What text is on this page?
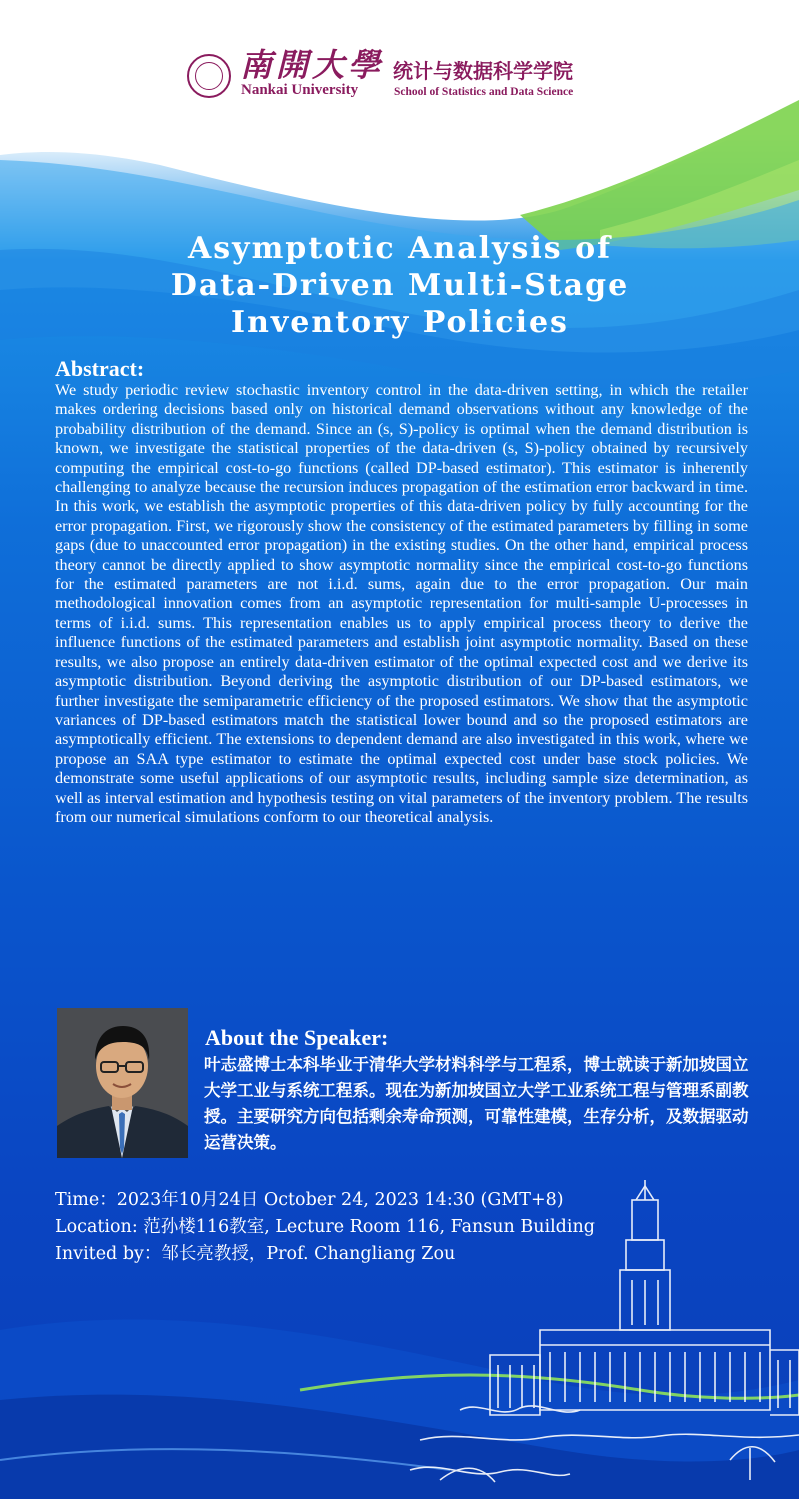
南開大學
Nankai University
统计与数据科学学院
School of Statistics and Data Science
学术讲座
Asymptotic Analysis of
Data-Driven Multi-Stage
Inventory Policies
Abstract:
We study periodic review stochastic inventory control in the data-driven setting, in which the retailer makes ordering decisions based only on historical demand observations without any knowledge of the probability distribution of the demand. Since an (s, S)-policy is optimal when the demand distribution is known, we investigate the statistical properties of the data-driven (s, S)-policy obtained by recursively computing the empirical cost-to-go functions (called DP-based estimator). This estimator is inherently challenging to analyze because the recursion induces propagation of the estimation error backward in time. In this work, we establish the asymptotic properties of this data-driven policy by fully accounting for the error propagation. First, we rigorously show the consistency of the estimated parameters by filling in some gaps (due to unaccounted error propagation) in the existing studies. On the other hand, empirical process theory cannot be directly applied to show asymptotic normality since the empirical cost-to-go functions for the estimated parameters are not i.i.d. sums, again due to the error propagation. Our main methodological innovation comes from an asymptotic representation for multi-sample U-processes in terms of i.i.d. sums. This representation enables us to apply empirical process theory to derive the influence functions of the estimated parameters and establish joint asymptotic normality. Based on these results, we also propose an entirely data-driven estimator of the optimal expected cost and we derive its asymptotic distribution. Beyond deriving the asymptotic distribution of our DP-based estimators, we further investigate the semiparametric efficiency of the proposed estimators. We show that the asymptotic variances of DP-based estimators match the statistical lower bound and so the proposed estimators are asymptotically efficient. The extensions to dependent demand are also investigated in this work, where we propose an SAA type estimator to estimate the optimal expected cost under base stock policies. We demonstrate some useful applications of our asymptotic results, including sample size determination, as well as interval estimation and hypothesis testing on vital parameters of the inventory problem. The results from our numerical simulations conform to our theoretical analysis.
About the Speaker:
叶志盛博士本科毕业于清华大学材料科学与工程系，博士就读于新加坡国立大学工业与系统工程系。现在为新加坡国立大学工业系统工程与管理系副教授。主要研究方向包括剩余寿命预测，可靠性建模，生存分析，及数据驱动运营决策。
Time：2023年10月24日 October 24, 2023 14:30 (GMT+8)
Location: 范孙楼116教室, Lecture Room 116, Fansun Building
Invited by：邹长亮教授，Prof. Changliang Zou
